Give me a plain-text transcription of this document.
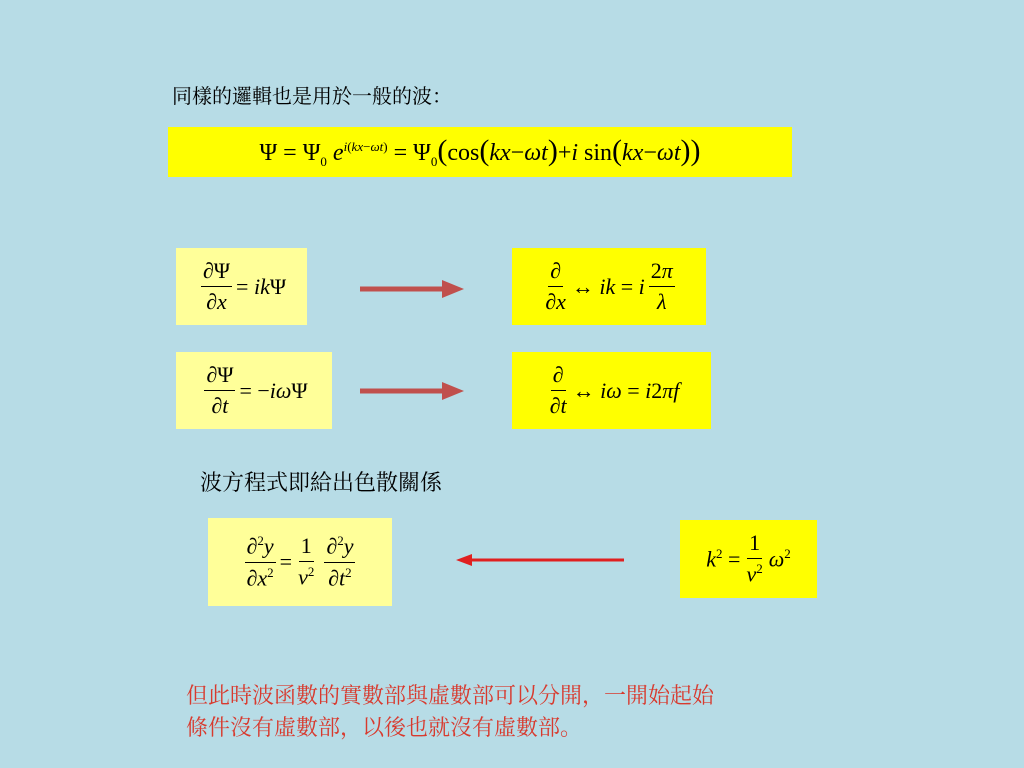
同樣的邏輯也是用於一般的波：
$\Psi = \Psi_0$ $e^{i(kx-\omega t)} = \Psi_0(\cos(kx-\omega t)+i$ sin(kx−ωt))
$\frac{\partial\Psi}{\partial x} = ik\Psi$	$\frac{\partial}{\partial x}$ ↔ ik = i $\frac{2\pi}{\lambda}$
$\frac{\partial\Psi}{\partial t} = -i\omega\Psi$	$\frac{\partial}{\partial t}$ ↔ iω = i2πf
波方程式即給出色散關係
$\frac{\partial^2y}{\partial x^2} = \frac{1}{v^2} \frac{\partial^2y}{\partial t^2}$	$k^2 = \frac{1}{v^2} \omega^2$
但此時波函數的實數部與虛數部可以分開，一開始起始
條件沒有虛數部，以後也就沒有虛數部。
